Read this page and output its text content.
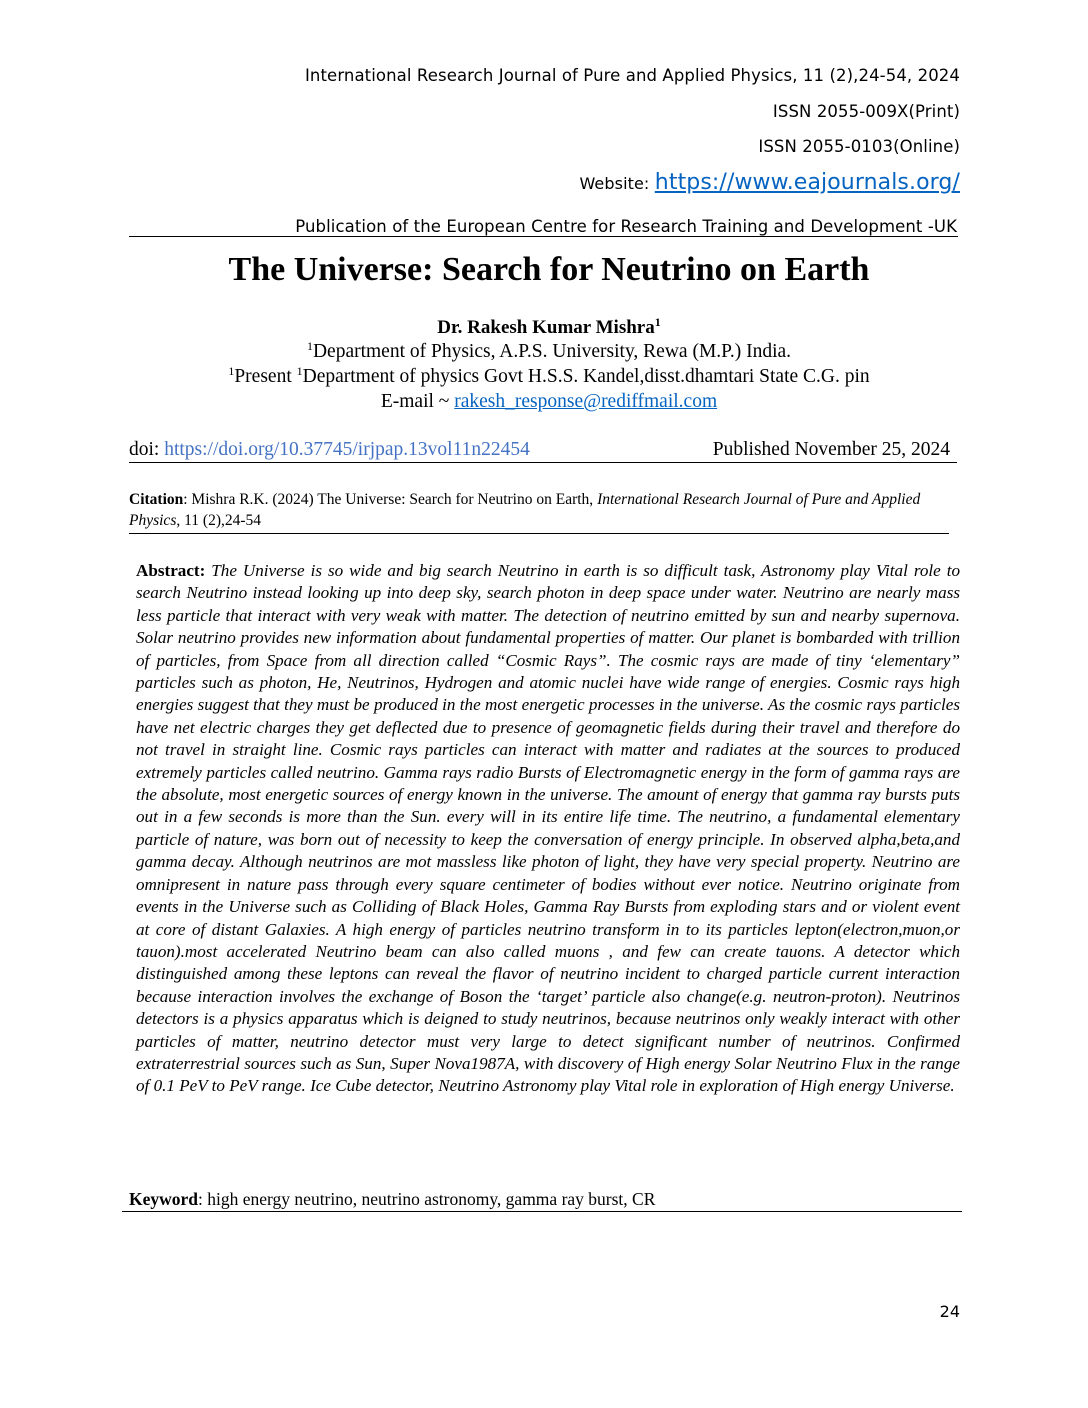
International Research Journal of Pure and Applied Physics, 11 (2),24-54, 2024
ISSN 2055-009X(Print)
ISSN 2055-0103(Online)
Website: https://www.eajournals.org/
Publication of the European Centre for Research Training and Development -UK
The Universe: Search for Neutrino on Earth
Dr. Rakesh Kumar Mishra$^1$
$^1$Department of Physics, A.P.S. University, Rewa (M.P.) India.
$^1$Present $^1$Department of physics Govt H.S.S. Kandel,disst.dhamtari State C.G. pin
E-mail ~ rakesh_response@rediffmail.com
doi: https://doi.org/10.37745/irjpap.13vol11n22454	Published November 25, 2024
Citation: Mishra R.K. (2024) The Universe: Search for Neutrino on Earth, International Research Journal of Pure and Applied Physics, 11 (2),24-54
Abstract: The Universe is so wide and big search Neutrino in earth is so difficult task, Astronomy play Vital role to search Neutrino instead looking up into deep sky, search photon in deep space under water. Neutrino are nearly mass less particle that interact with very weak with matter. The detection of neutrino emitted by sun and nearby supernova. Solar neutrino provides new information about fundamental properties of matter. Our planet is bombarded with trillion of particles, from Space from all direction called “Cosmic Rays”. The cosmic rays are made of tiny ‘elementary” particles such as photon, He, Neutrinos, Hydrogen and atomic nuclei have wide range of energies. Cosmic rays high energies suggest that they must be produced in the most energetic processes in the universe. As the cosmic rays particles have net electric charges they get deflected due to presence of geomagnetic fields during their travel and therefore do not travel in straight line. Cosmic rays particles can interact with matter and radiates at the sources to produced extremely particles called neutrino. Gamma rays radio Bursts of Electromagnetic energy in the form of gamma rays are the absolute, most energetic sources of energy known in the universe. The amount of energy that gamma ray bursts puts out in a few seconds is more than the Sun. every will in its entire life time. The neutrino, a fundamental elementary particle of nature, was born out of necessity to keep the conversation of energy principle. In observed alpha,beta,and gamma decay. Although neutrinos are mot massless like photon of light, they have very special property. Neutrino are omnipresent in nature pass through every square centimeter of bodies without ever notice. Neutrino originate from events in the Universe such as Colliding of Black Holes, Gamma Ray Bursts from exploding stars and or violent event at core of distant Galaxies. A high energy of particles neutrino transform in to its particles lepton(electron,muon,or tauon).most accelerated Neutrino beam can also called muons , and few can create tauons. A detector which distinguished among these leptons can reveal the flavor of neutrino incident to charged particle current interaction because interaction involves the exchange of Boson the ‘target’ particle also change(e.g. neutron-proton). Neutrinos detectors is a physics apparatus which is deigned to study neutrinos, because neutrinos only weakly interact with other particles of matter, neutrino detector must very large to detect significant number of neutrinos. Confirmed extraterrestrial sources such as Sun, Super Nova1987A, with discovery of High energy Solar Neutrino Flux in the range of 0.1 PeV to PeV range. Ice Cube detector, Neutrino Astronomy play Vital role in exploration of High energy Universe.
Keyword: high energy neutrino, neutrino astronomy, gamma ray burst, CR
24
